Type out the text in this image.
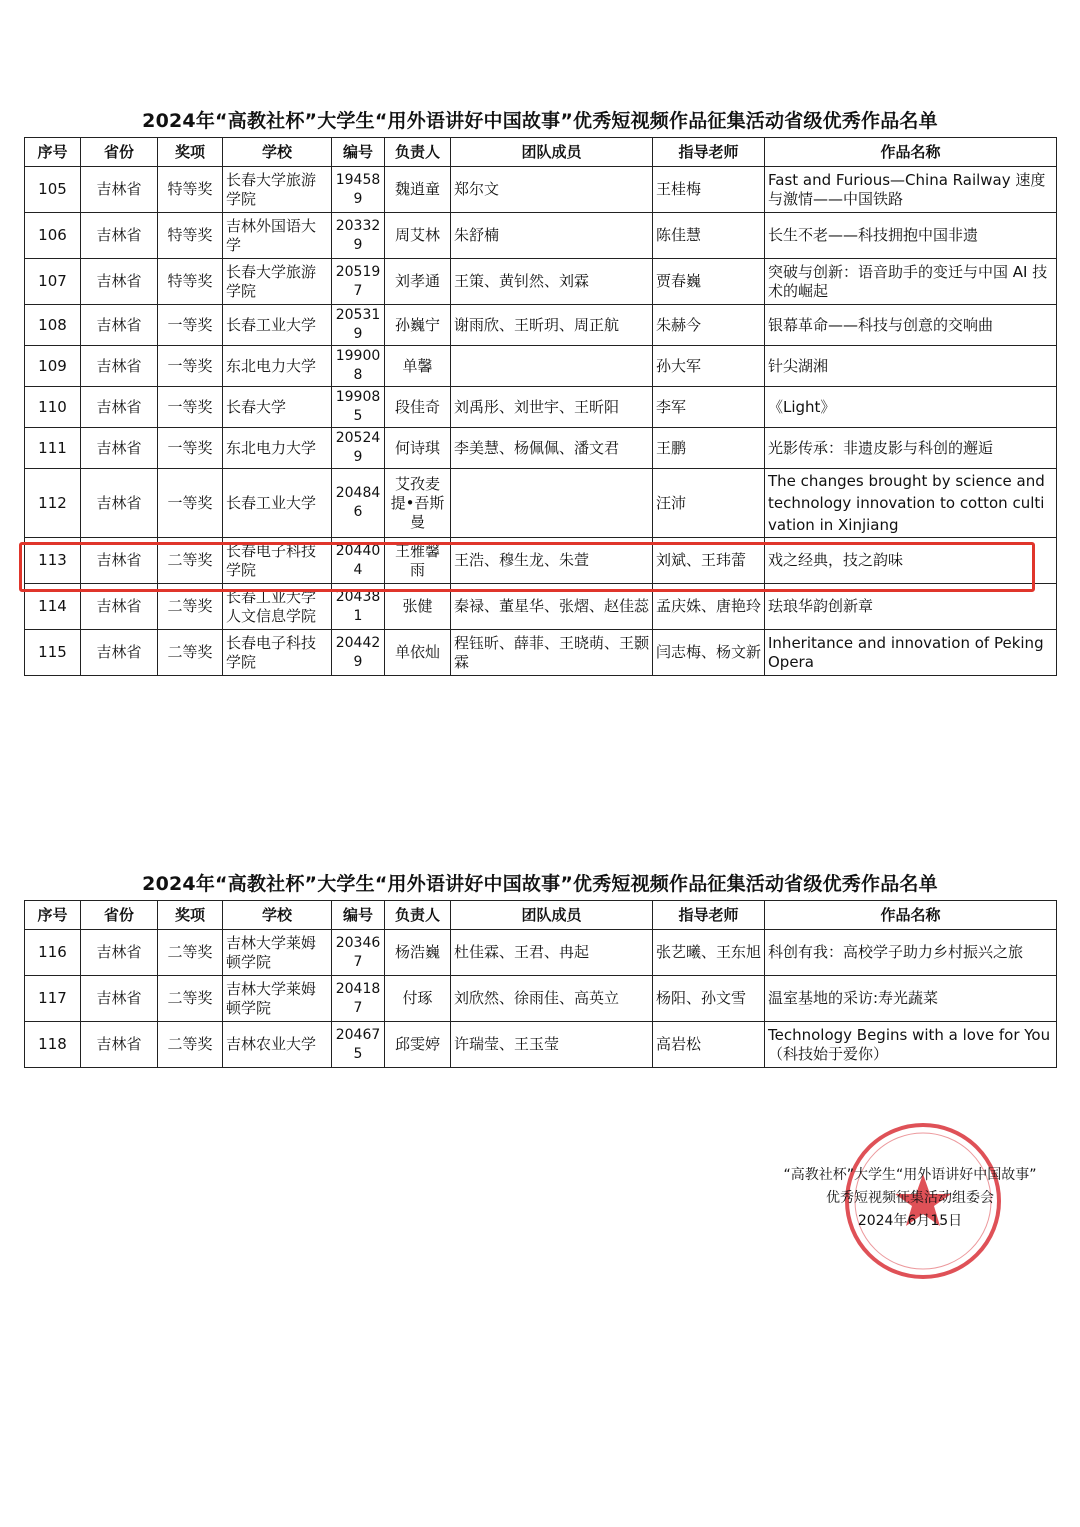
2024年“高教社杯”大学生“用外语讲好中国故事”优秀短视频作品征集活动省级优秀作品名单
序号	省份	奖项	学校	编号	负责人	团队成员	指导老师	作品名称
105	吉林省	特等奖	长春大学旅游学院	194589	魏逍童	郑尔文	王桂梅	Fast and Furious—China Railway 速度与激情——中国铁路
106	吉林省	特等奖	吉林外国语大学	203329	周艾林	朱舒楠	陈佳慧	长生不老——科技拥抱中国非遗
107	吉林省	特等奖	长春大学旅游学院	205197	刘孝通	王策、黄钊然、刘霖	贾春巍	突破与创新：语音助手的变迁与中国 AI 技术的崛起
108	吉林省	一等奖	长春工业大学	205319	孙巍宁	谢雨欣、王昕玥、周正航	朱赫今	银幕革命——科技与创意的交响曲
109	吉林省	一等奖	东北电力大学	199008	单馨		孙大军	针尖湖湘
110	吉林省	一等奖	长春大学	199085	段佳奇	刘禹彤、刘世宇、王昕阳	李军	《Light》
111	吉林省	一等奖	东北电力大学	205249	何诗琪	李美慧、杨佩佩、潘文君	王鹏	光影传承：非遗皮影与科创的邂逅
112	吉林省	一等奖	长春工业大学	204846	艾孜麦提•吾斯曼		汪沛	The changes brought by science and technology innovation to cotton cultivation in Xinjiang
113	吉林省	二等奖	长春电子科技学院	204404	王雅馨雨	王浩、穆生龙、朱萱	刘斌、王玮蕾	戏之经典，技之韵味
114	吉林省	二等奖	长春工业大学人文信息学院	204381	张健	秦禄、董星华、张熠、赵佳蕊	孟庆姝、唐艳玲	珐琅华韵创新章
115	吉林省	二等奖	长春电子科技学院	204429	单依灿	程钰昕、薛菲、王晓萌、王颢霖	闫志梅、杨文新	Inheritance and innovation of Peking Opera
2024年“高教社杯”大学生“用外语讲好中国故事”优秀短视频作品征集活动省级优秀作品名单
序号	省份	奖项	学校	编号	负责人	团队成员	指导老师	作品名称
116	吉林省	二等奖	吉林大学莱姆顿学院	203467	杨浩巍	杜佳霖、王君、冉起	张艺曦、王东旭	科创有我：高校学子助力乡村振兴之旅
117	吉林省	二等奖	吉林大学莱姆顿学院	204187	付琢	刘欣然、徐雨佳、高英立	杨阳、孙文雪	温室基地的采访:寿光蔬菜
118	吉林省	二等奖	吉林农业大学	204675	邱雯婷	许瑞莹、王玉莹	高岩松	Technology Begins with a love for You（科技始于爱你）
“高教社杯”大学生“用外语讲好中国故事”
优秀短视频征集活动组委会
2024年6月15日
